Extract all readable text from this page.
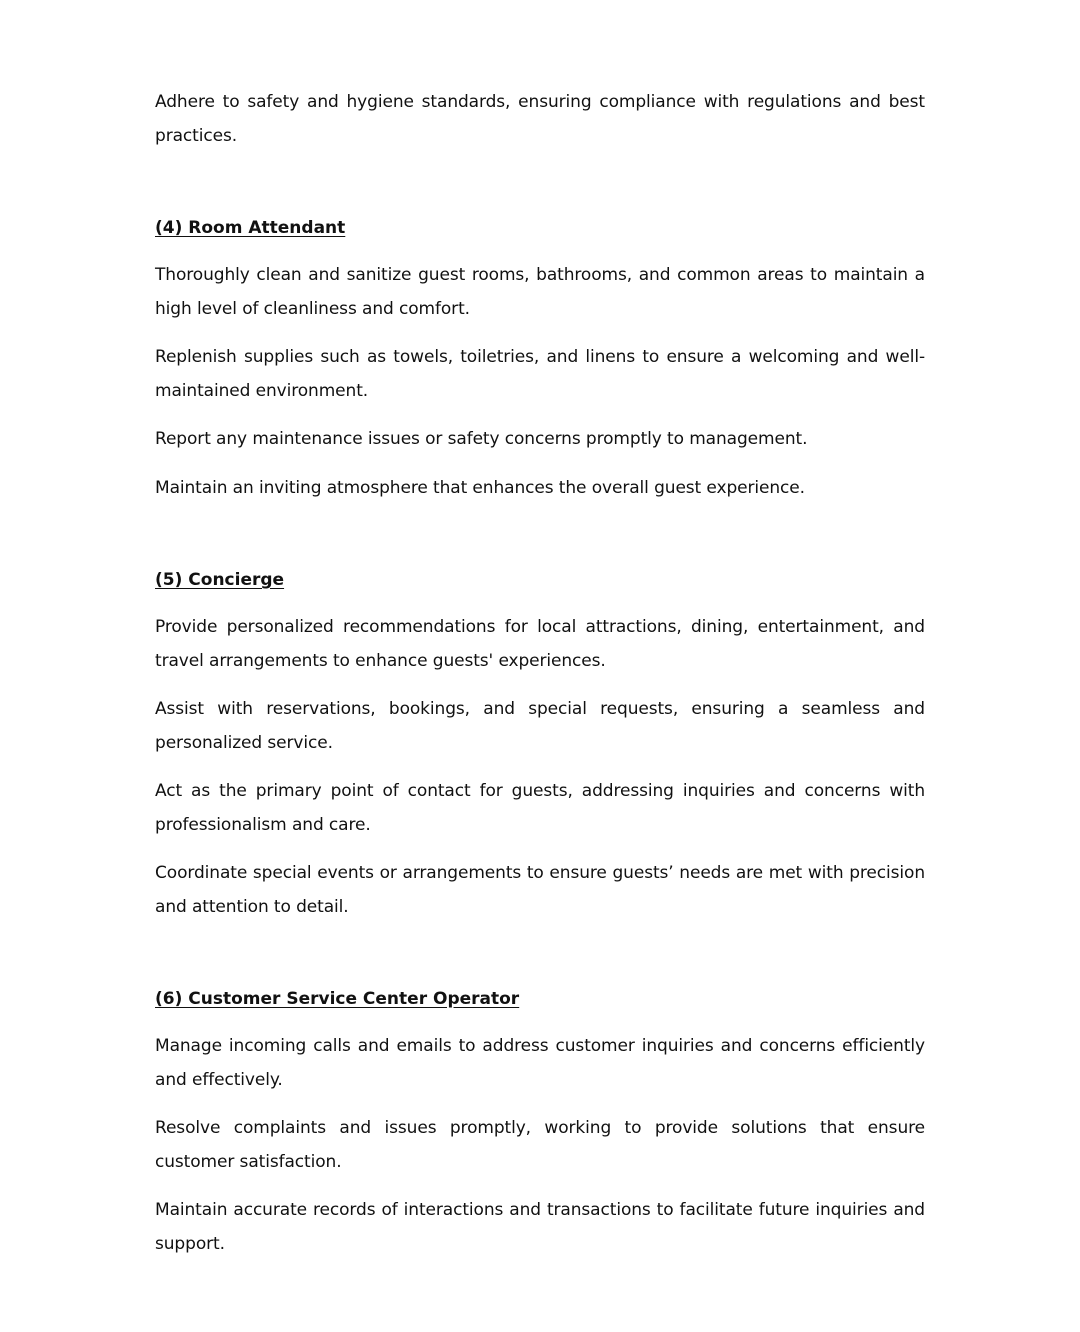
Adhere to safety and hygiene standards, ensuring compliance with regulations and best practices.

(4) Room Attendant

Thoroughly clean and sanitize guest rooms, bathrooms, and common areas to maintain a high level of cleanliness and comfort.

Replenish supplies such as towels, toiletries, and linens to ensure a welcoming and well-maintained environment.

Report any maintenance issues or safety concerns promptly to management.

Maintain an inviting atmosphere that enhances the overall guest experience.

(5) Concierge

Provide personalized recommendations for local attractions, dining, entertainment, and travel arrangements to enhance guests' experiences.

Assist with reservations, bookings, and special requests, ensuring a seamless and personalized service.

Act as the primary point of contact for guests, addressing inquiries and concerns with professionalism and care.

Coordinate special events or arrangements to ensure guests’ needs are met with precision and attention to detail.

(6) Customer Service Center Operator

Manage incoming calls and emails to address customer inquiries and concerns efficiently and effectively.

Resolve complaints and issues promptly, working to provide solutions that ensure customer satisfaction.

Maintain accurate records of interactions and transactions to facilitate future inquiries and support.
